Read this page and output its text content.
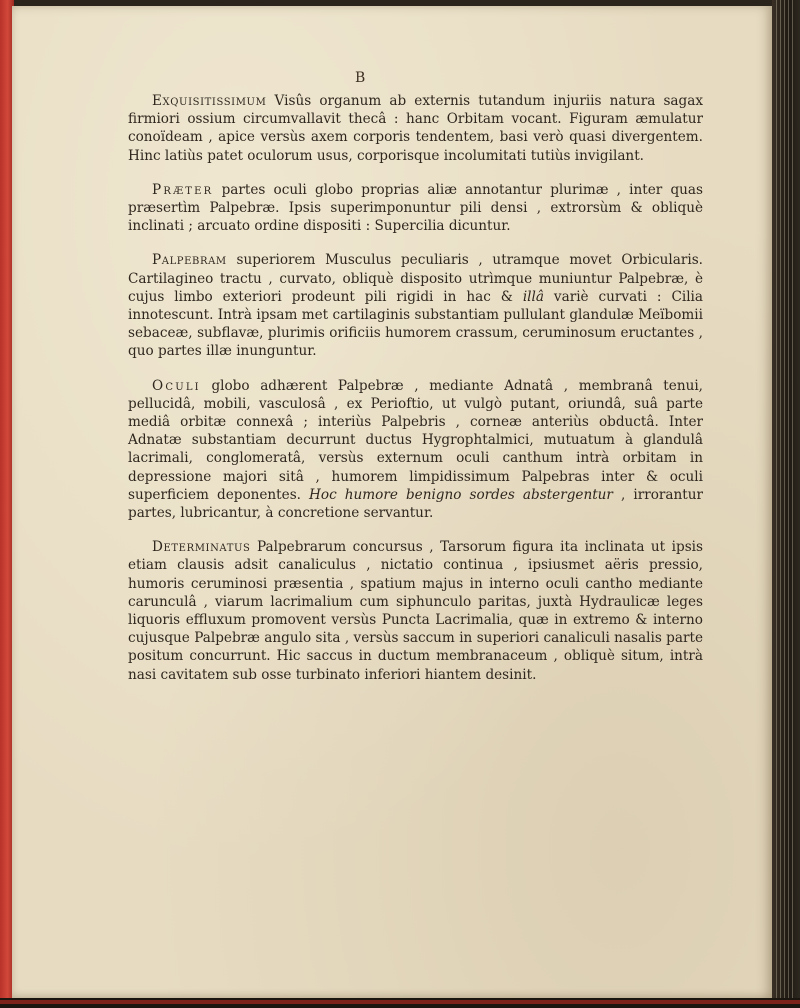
B

Exquisitissimum Visûs organum ab externis tutandum injuriis natura sagax firmiori ossium circumvallavit thecâ : hanc Orbitam vocant. Figuram æmulatur conoïdeam , apice versùs axem corporis tendentem, basi verò quasi divergentem. Hinc latiùs patet oculorum usus, corporisque incolumitati tutiùs invigilant.

Præter partes oculi globo proprias aliæ annotantur plurimæ , inter quas præsertìm Palpebræ. Ipsis superimponuntur pili densi , extrorsùm & obliquè inclinati ; arcuato ordine dispositi : Supercilia dicuntur.

Palpebram superiorem Musculus peculiaris , utramque movet Orbicularis. Cartilagineo tractu , curvato, obliquè disposito utrìmque muniuntur Palpebræ, è cujus limbo exteriori prodeunt pili rigidi in hac & illâ variè curvati : Cilia innotescunt. Intrà ipsam met cartilaginis substantiam pullulant glandulæ Meïbomii sebaceæ, subflavæ, plurimis orificiis humorem crassum, ceruminosum eructantes , quo partes illæ inunguntur.

Oculi globo adhærent Palpebræ , mediante Adnatâ , membranâ tenui, pellucidâ, mobili, vasculosâ , ex Perioftio, ut vulgò putant, oriundâ, suâ parte mediâ orbitæ connexâ ; interiùs Palpebris , corneæ anteriùs obductâ. Inter Adnatæ substantiam decurrunt ductus Hygrophtalmici, mutuatum à glandulâ lacrimali, conglomeratâ, versùs externum oculi canthum intrà orbitam in depressione majori sitâ , humorem limpidissimum Palpebras inter & oculi superficiem deponentes. Hoc humore benigno sordes abstergentur , irrorantur partes, lubricantur, à concretione servantur.

Determinatus Palpebrarum concursus , Tarsorum figura ita inclinata ut ipsis etiam clausis adsit canaliculus , nictatio continua , ipsiusmet aëris pressio, humoris ceruminosi præsentia , spatium majus in interno oculi cantho mediante carunculâ , viarum lacrimalium cum siphunculo paritas, juxtà Hydraulicæ leges liquoris effluxum promovent versùs Puncta Lacrimalia, quæ in extremo & interno cujusque Palpebræ angulo sita , versùs saccum in superiori canaliculi nasalis parte positum concurrunt. Hic saccus in ductum membranaceum , obliquè situm, intrà nasi cavitatem sub osse turbinato inferiori hiantem desinit.
